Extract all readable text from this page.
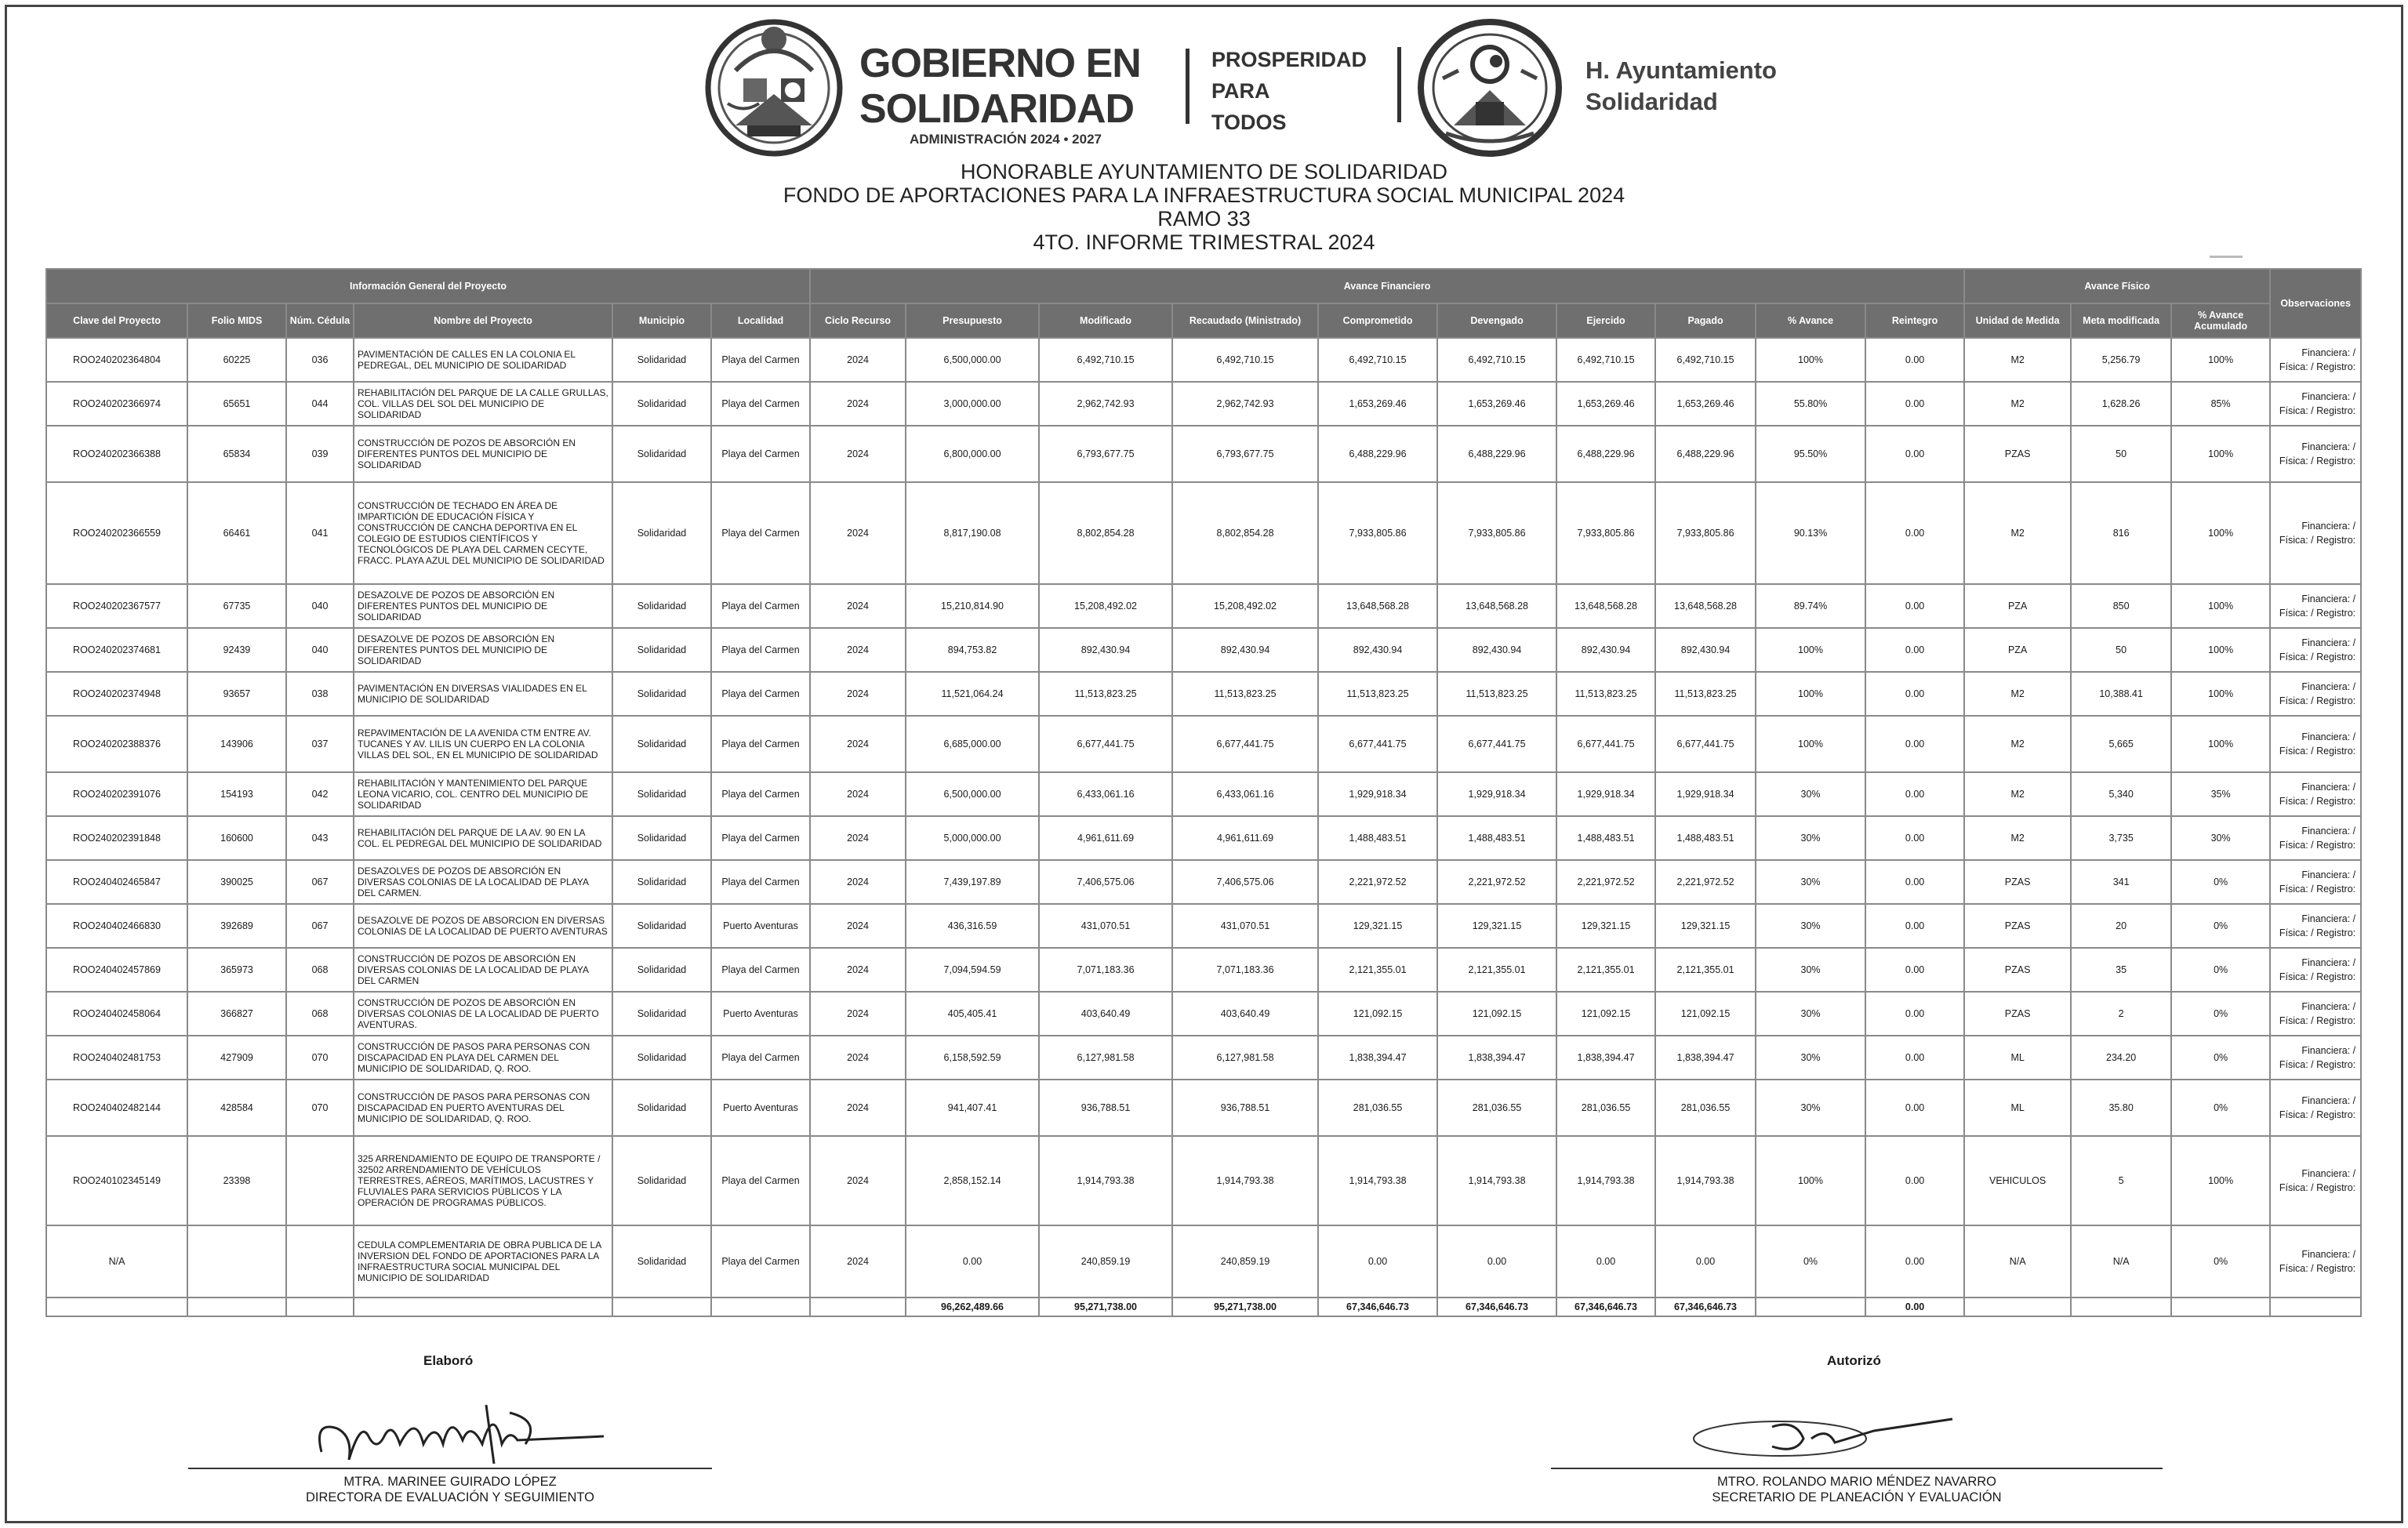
GOBIERNO EN
SOLIDARIDAD
ADMINISTRACIÓN 2024 • 2027
PROSPERIDAD
PARA
TODOS
H. Ayuntamiento
Solidaridad
HONORABLE AYUNTAMIENTO DE SOLIDARIDAD
FONDO DE APORTACIONES PARA LA INFRAESTRUCTURA SOCIAL MUNICIPAL 2024
RAMO 33
4TO. INFORME TRIMESTRAL 2024
Información General del Proyecto						Avance Financiero										Avance Físico			Observaciones
Clave del Proyecto	Folio MIDS	Núm. Cédula	Nombre del Proyecto	Municipio	Localidad	Ciclo Recurso	Presupuesto	Modificado	Recaudado (Ministrado)	Comprometido	Devengado	Ejercido	Pagado	% Avance	Reintegro	Unidad de Medida	Meta modificada	% Avance Acumulado	
ROO240202364804	60225	036	PAVIMENTACIÓN DE CALLES EN LA COLONIA EL PEDREGAL, DEL MUNICIPIO DE SOLIDARIDAD	Solidaridad	Playa del Carmen	2024	6,500,000.00	6,492,710.15	6,492,710.15	6,492,710.15	6,492,710.15	6,492,710.15	6,492,710.15	100%	0.00	M2	5,256.79	100%	Financiera: /
Física: / Registro:

ROO240202366974	65651	044	REHABILITACIÓN DEL PARQUE DE LA CALLE GRULLAS, COL. VILLAS DEL SOL DEL MUNICIPIO DE SOLIDARIDAD	Solidaridad	Playa del Carmen	2024	3,000,000.00	2,962,742.93	2,962,742.93	1,653,269.46	1,653,269.46	1,653,269.46	1,653,269.46	55.80%	0.00	M2	1,628.26	85%	Financiera: /
Física: / Registro:

ROO240202366388	65834	039	CONSTRUCCIÓN DE POZOS DE ABSORCIÓN EN DIFERENTES PUNTOS DEL MUNICIPIO DE SOLIDARIDAD	Solidaridad	Playa del Carmen	2024	6,800,000.00	6,793,677.75	6,793,677.75	6,488,229.96	6,488,229.96	6,488,229.96	6,488,229.96	95.50%	0.00	PZAS	50	100%	Financiera: /
Física: / Registro:

ROO240202366559	66461	041	CONSTRUCCIÓN DE TECHADO EN ÁREA DE IMPARTICIÓN DE EDUCACIÓN FÍSICA Y CONSTRUCCIÓN DE CANCHA DEPORTIVA EN EL COLEGIO DE ESTUDIOS CIENTÍFICOS Y TECNOLÓGICOS DE PLAYA DEL CARMEN CECYTE, FRACC. PLAYA AZUL DEL MUNICIPIO DE SOLIDARIDAD	Solidaridad	Playa del Carmen	2024	8,817,190.08	8,802,854.28	8,802,854.28	7,933,805.86	7,933,805.86	7,933,805.86	7,933,805.86	90.13%	0.00	M2	816	100%	Financiera: /
Física: / Registro:

ROO240202367577	67735	040	DESAZOLVE DE POZOS DE ABSORCIÓN EN DIFERENTES PUNTOS DEL MUNICIPIO DE SOLIDARIDAD	Solidaridad	Playa del Carmen	2024	15,210,814.90	15,208,492.02	15,208,492.02	13,648,568.28	13,648,568.28	13,648,568.28	13,648,568.28	89.74%	0.00	PZA	850	100%	Financiera: /
Física: / Registro:

ROO240202374681	92439	040	DESAZOLVE DE POZOS DE ABSORCIÓN EN DIFERENTES PUNTOS DEL MUNICIPIO DE SOLIDARIDAD	Solidaridad	Playa del Carmen	2024	894,753.82	892,430.94	892,430.94	892,430.94	892,430.94	892,430.94	892,430.94	100%	0.00	PZA	50	100%	Financiera: /
Física: / Registro:

ROO240202374948	93657	038	PAVIMENTACIÓN EN DIVERSAS VIALIDADES EN EL MUNICIPIO DE SOLIDARIDAD	Solidaridad	Playa del Carmen	2024	11,521,064.24	11,513,823.25	11,513,823.25	11,513,823.25	11,513,823.25	11,513,823.25	11,513,823.25	100%	0.00	M2	10,388.41	100%	Financiera: /
Física: / Registro:

ROO240202388376	143906	037	REPAVIMENTACIÓN DE LA AVENIDA CTM ENTRE AV. TUCANES Y AV. LILIS UN CUERPO EN LA COLONIA VILLAS DEL SOL, EN EL MUNICIPIO DE SOLIDARIDAD	Solidaridad	Playa del Carmen	2024	6,685,000.00	6,677,441.75	6,677,441.75	6,677,441.75	6,677,441.75	6,677,441.75	6,677,441.75	100%	0.00	M2	5,665	100%	Financiera: /
Física: / Registro:

ROO240202391076	154193	042	REHABILITACIÓN Y MANTENIMIENTO DEL PARQUE LEONA VICARIO, COL. CENTRO DEL MUNICIPIO DE SOLIDARIDAD	Solidaridad	Playa del Carmen	2024	6,500,000.00	6,433,061.16	6,433,061.16	1,929,918.34	1,929,918.34	1,929,918.34	1,929,918.34	30%	0.00	M2	5,340	35%	Financiera: /
Física: / Registro:

ROO240202391848	160600	043	REHABILITACIÓN DEL PARQUE DE LA AV. 90 EN LA COL. EL PEDREGAL DEL MUNICIPIO DE SOLIDARIDAD	Solidaridad	Playa del Carmen	2024	5,000,000.00	4,961,611.69	4,961,611.69	1,488,483.51	1,488,483.51	1,488,483.51	1,488,483.51	30%	0.00	M2	3,735	30%	Financiera: /
Física: / Registro:

ROO240402465847	390025	067	DESAZOLVES DE POZOS DE ABSORCIÓN EN DIVERSAS COLONIAS DE LA LOCALIDAD DE PLAYA DEL CARMEN.	Solidaridad	Playa del Carmen	2024	7,439,197.89	7,406,575.06	7,406,575.06	2,221,972.52	2,221,972.52	2,221,972.52	2,221,972.52	30%	0.00	PZAS	341	0%	Financiera: /
Física: / Registro:

ROO240402466830	392689	067	DESAZOLVE DE POZOS DE ABSORCION EN DIVERSAS COLONIAS DE LA LOCALIDAD DE PUERTO AVENTURAS	Solidaridad	Puerto Aventuras	2024	436,316.59	431,070.51	431,070.51	129,321.15	129,321.15	129,321.15	129,321.15	30%	0.00	PZAS	20	0%	Financiera: /
Física: / Registro:

ROO240402457869	365973	068	CONSTRUCCIÓN DE POZOS DE ABSORCIÓN EN DIVERSAS COLONIAS DE LA LOCALIDAD DE PLAYA DEL CARMEN	Solidaridad	Playa del Carmen	2024	7,094,594.59	7,071,183.36	7,071,183.36	2,121,355.01	2,121,355.01	2,121,355.01	2,121,355.01	30%	0.00	PZAS	35	0%	Financiera: /
Física: / Registro:

ROO240402458064	366827	068	CONSTRUCCIÓN DE POZOS DE ABSORCIÓN EN DIVERSAS COLONIAS DE LA LOCALIDAD DE PUERTO AVENTURAS.	Solidaridad	Puerto Aventuras	2024	405,405.41	403,640.49	403,640.49	121,092.15	121,092.15	121,092.15	121,092.15	30%	0.00	PZAS	2	0%	Financiera: /
Física: / Registro:

ROO240402481753	427909	070	CONSTRUCCIÓN DE PASOS PARA PERSONAS CON DISCAPACIDAD EN PLAYA DEL CARMEN DEL MUNICIPIO DE SOLIDARIDAD, Q. ROO.	Solidaridad	Playa del Carmen	2024	6,158,592.59	6,127,981.58	6,127,981.58	1,838,394.47	1,838,394.47	1,838,394.47	1,838,394.47	30%	0.00	ML	234.20	0%	Financiera: /
Física: / Registro:

ROO240402482144	428584	070	CONSTRUCCIÓN DE PASOS PARA PERSONAS CON DISCAPACIDAD EN PUERTO AVENTURAS DEL MUNICIPIO DE SOLIDARIDAD, Q. ROO.	Solidaridad	Puerto Aventuras	2024	941,407.41	936,788.51	936,788.51	281,036.55	281,036.55	281,036.55	281,036.55	30%	0.00	ML	35.80	0%	Financiera: /
Física: / Registro:

ROO240102345149	23398		325 ARRENDAMIENTO DE EQUIPO DE TRANSPORTE / 32502 ARRENDAMIENTO DE VEHÍCULOS TERRESTRES, AÉREOS, MARÍTIMOS, LACUSTRES Y FLUVIALES PARA SERVICIOS PÚBLICOS Y LA OPERACIÓN DE PROGRAMAS PÚBLICOS.	Solidaridad	Playa del Carmen	2024	2,858,152.14	1,914,793.38	1,914,793.38	1,914,793.38	1,914,793.38	1,914,793.38	1,914,793.38	100%	0.00	VEHICULOS	5	100%	Financiera: /
Física: / Registro:

N/A			CEDULA COMPLEMENTARIA DE OBRA PUBLICA DE LA INVERSION DEL FONDO DE APORTACIONES PARA LA INFRAESTRUCTURA SOCIAL MUNICIPAL DEL MUNICIPIO DE SOLIDARIDAD	Solidaridad	Playa del Carmen	2024	0.00	240,859.19	240,859.19	0.00	0.00	0.00	0.00	0%	0.00	N/A	N/A	0%	Financiera: /
Física: / Registro:

							96,262,489.66	95,271,738.00	95,271,738.00	67,346,646.73	67,346,646.73	67,346,646.73	67,346,646.73		0.00				
Elaboró	Autorizó
MTRA. MARINEE GUIRADO LÓPEZ
DIRECTORA DE EVALUACIÓN Y SEGUIMIENTO
MTRO. ROLANDO MARIO MÉNDEZ NAVARRO
SECRETARIO DE PLANEACIÓN Y EVALUACIÓN
